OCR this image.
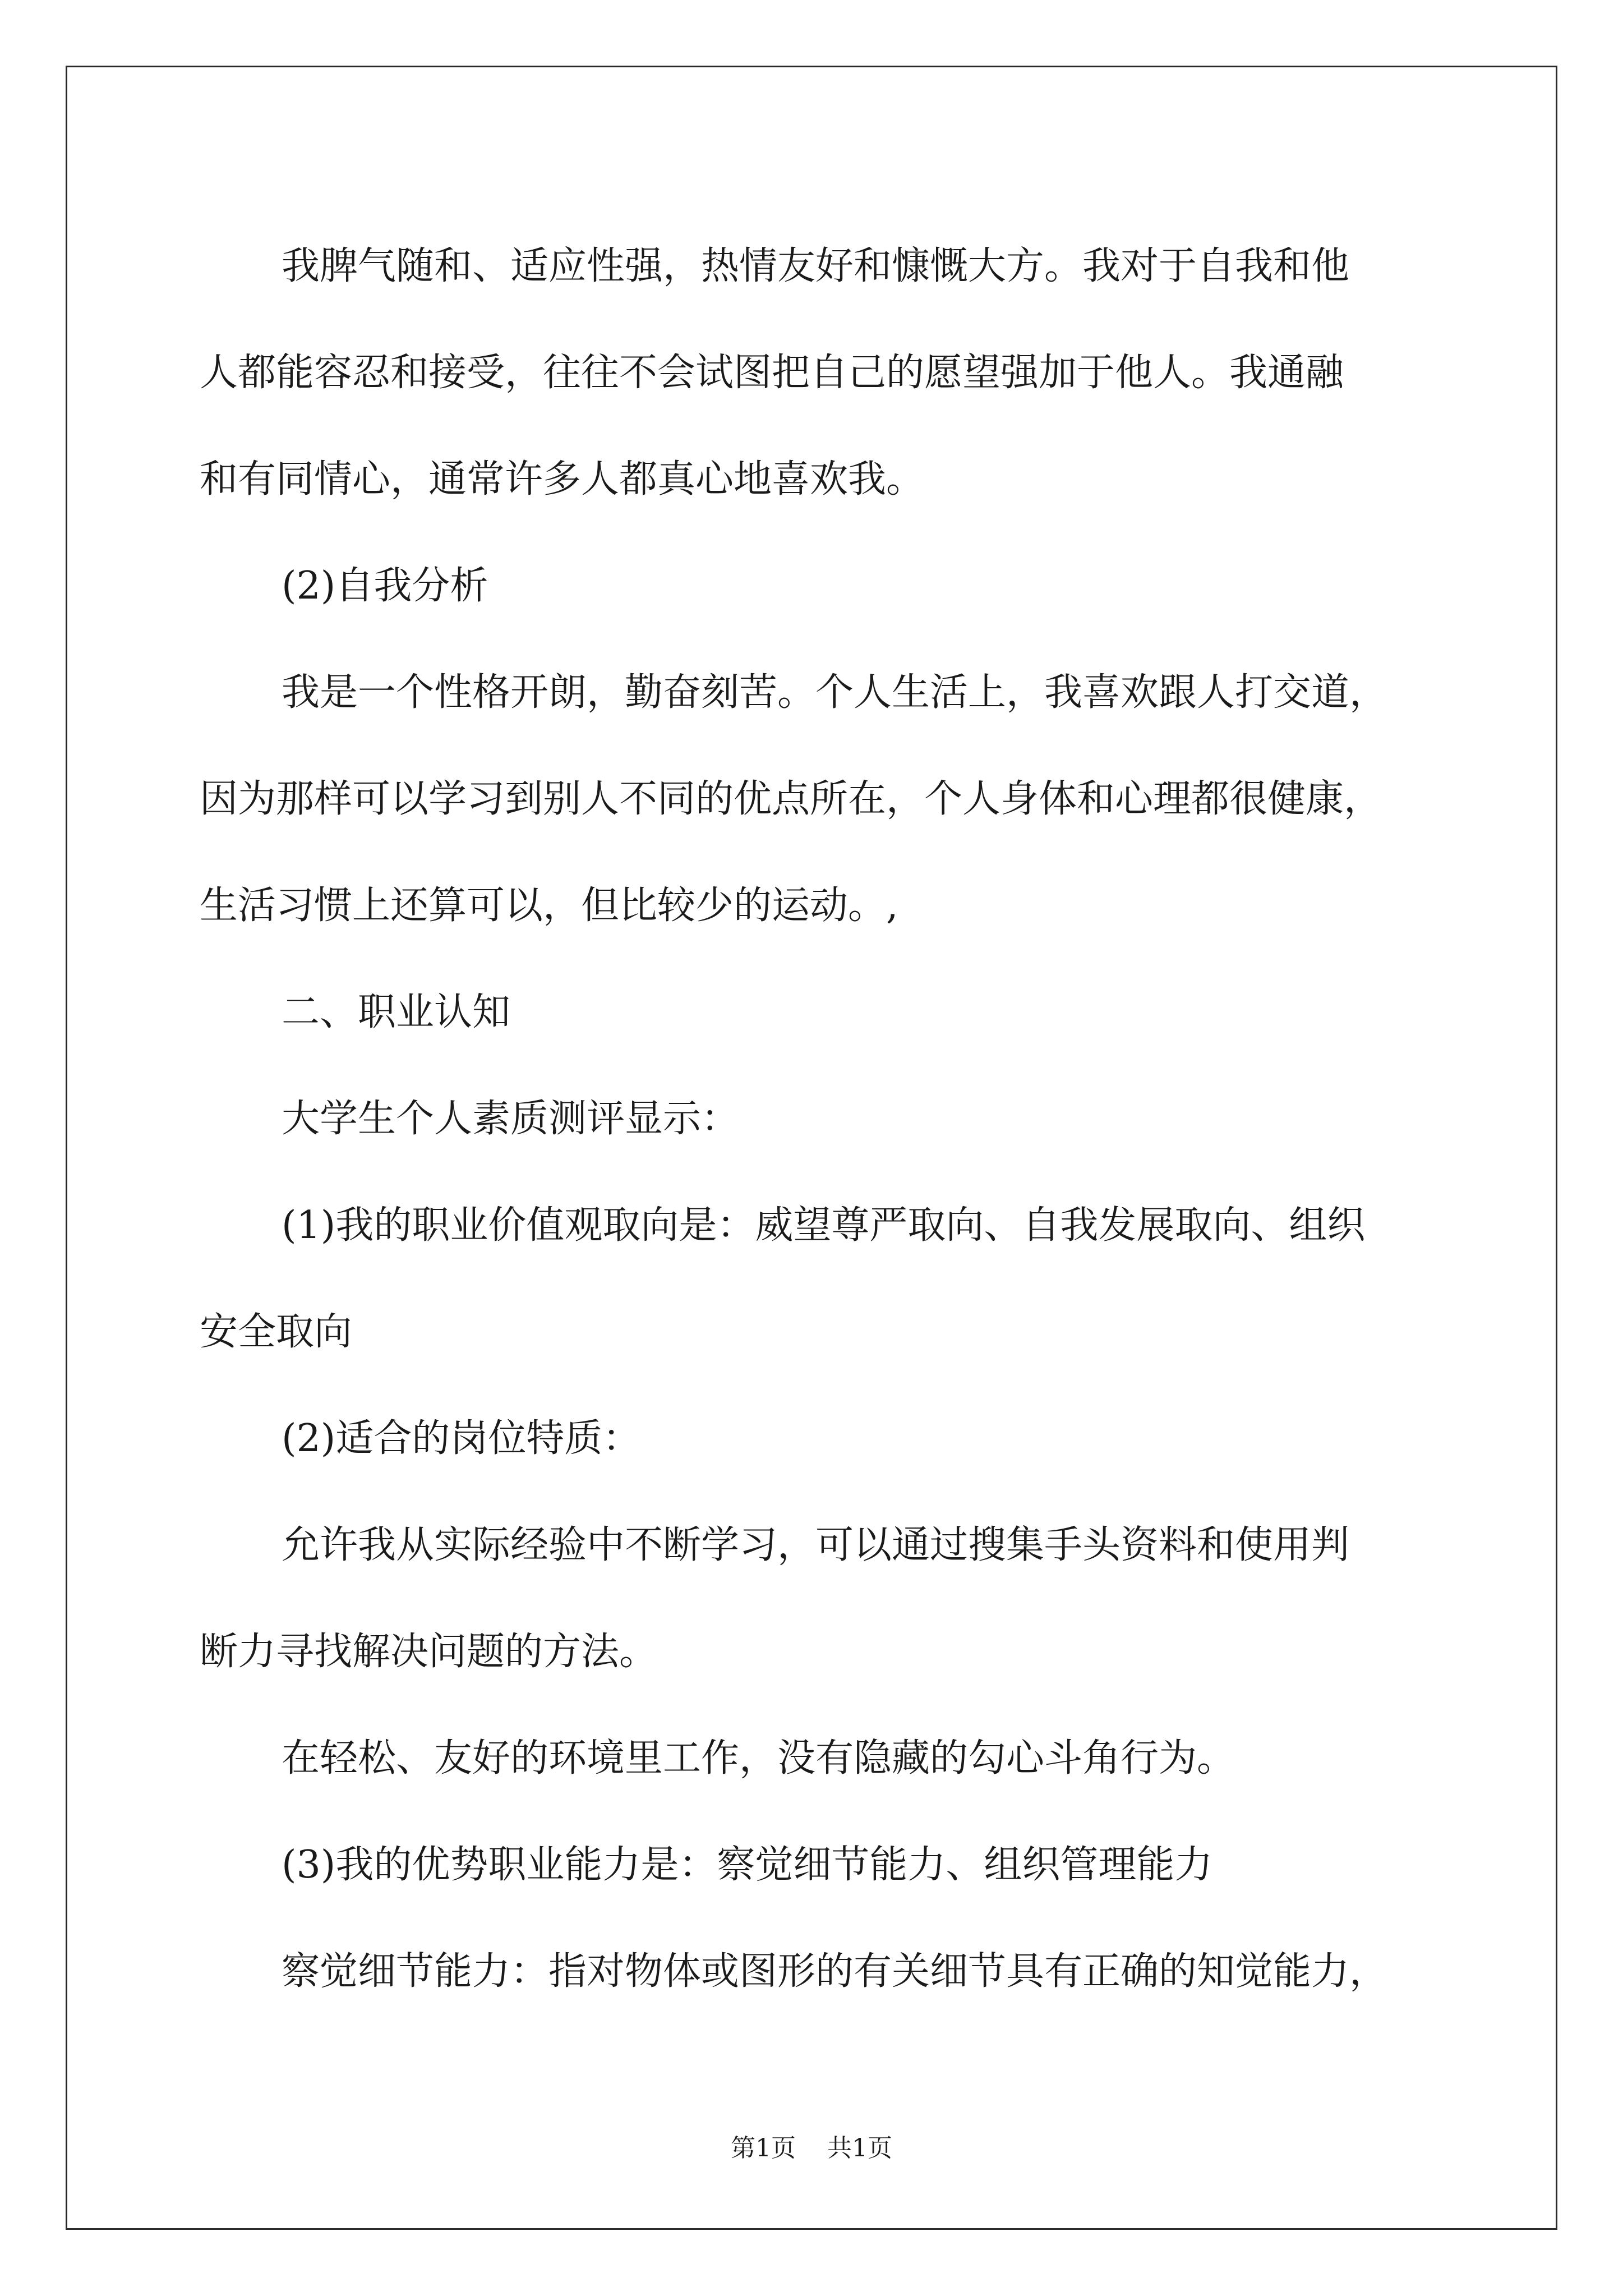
我脾气随和、适应性强，热情友好和慷慨大方。我对于自我和他
人都能容忍和接受，往往不会试图把自己的愿望强加于他人。我通融
和有同情心，通常许多人都真心地喜欢我。
(2)自我分析
我是一个性格开朗，勤奋刻苦。个人生活上，我喜欢跟人打交道，
因为那样可以学习到别人不同的优点所在，个人身体和心理都很健康，
生活习惯上还算可以，但比较少的运动。,
二、职业认知
大学生个人素质测评显示：
(1)我的职业价值观取向是：威望尊严取向、自我发展取向、组织
安全取向
(2)适合的岗位特质：
允许我从实际经验中不断学习，可以通过搜集手头资料和使用判
断力寻找解决问题的方法。
在轻松、友好的环境里工作，没有隐藏的勾心斗角行为。
(3)我的优势职业能力是：察觉细节能力、组织管理能力
察觉细节能力：指对物体或图形的有关细节具有正确的知觉能力，
第1页 共1页
